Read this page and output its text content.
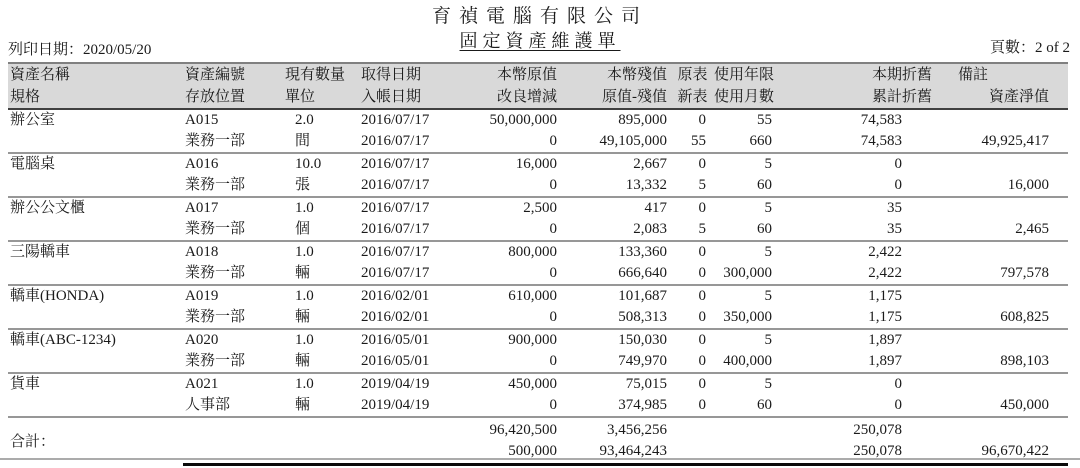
育禎電腦有限公司
固定資產維護單
列印日期：2020/05/20	頁數：2 of 2
資產名稱	資產編號	現有數量	取得日期	本幣原值	本幣殘值	原表	使用年限	本期折舊	備註
規格	存放位置	單位	入帳日期	改良增減	原值-殘值	新表	使用月數	累計折舊	資產淨值
辦公室	A015	2.0	2016/07/17	50,000,000	895,000	0	55	74,583	
	業務一部	間	2016/07/17	0	49,105,000	55	660	74,583	49,925,417
電腦桌	A016	10.0	2016/07/17	16,000	2,667	0	5	0	
	業務一部	張	2016/07/17	0	13,332	5	60	0	16,000
辦公公文櫃	A017	1.0	2016/07/17	2,500	417	0	5	35	
	業務一部	個	2016/07/17	0	2,083	5	60	35	2,465
三陽轎車	A018	1.0	2016/07/17	800,000	133,360	0	5	2,422	
	業務一部	輛	2016/07/17	0	666,640	0	300,000	2,422	797,578
轎車(HONDA)	A019	1.0	2016/02/01	610,000	101,687	0	5	1,175	
	業務一部	輛	2016/02/01	0	508,313	0	350,000	1,175	608,825
轎車(ABC-1234)	A020	1.0	2016/05/01	900,000	150,030	0	5	1,897	
	業務一部	輛	2016/05/01	0	749,970	0	400,000	1,897	898,103
貨車	A021	1.0	2019/04/19	450,000	75,015	0	5	0	
	人事部	輛	2019/04/19	0	374,985	0	60	0	450,000
合計：				96,420,500	3,456,256			250,078	
				500,000	93,464,243			250,078	96,670,422
